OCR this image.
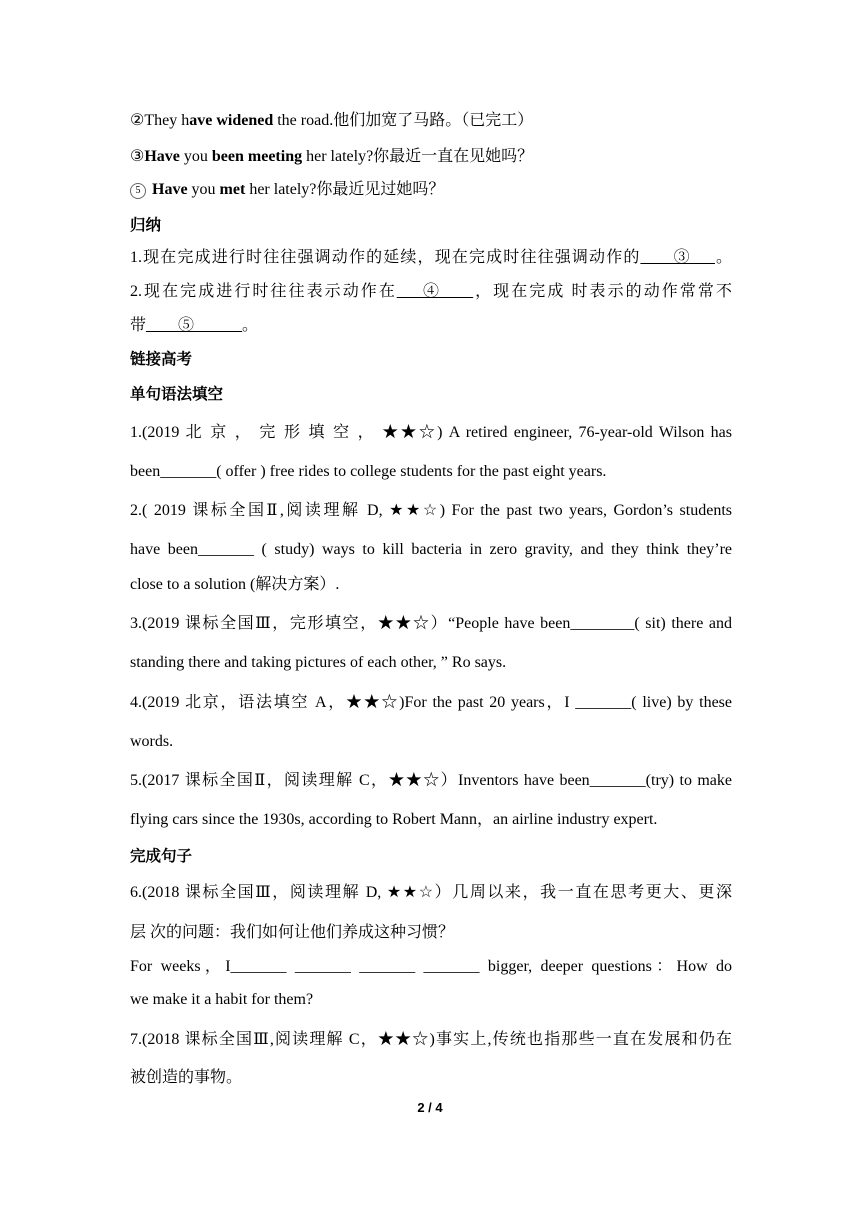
②They have widened the road.他们加宽了马路。（已完工）
③Have you been meeting her lately?你最近一直在见她吗？
5 Have you met her lately?你最近见过她吗？
归纳
1.现在完成进行时往往强调动作的延续，现在完成时往往强调动作的____③___。
2.现在完成进行时往往表示动作在___④____，现在完成 时表示的动作常常不
带____⑤______。
链接高考
单句语法填空
1.(2019 北 京 ， 完 形 填 空 ， ★★☆) A retired engineer, 76-year-old Wilson has
been_______( offer ) free rides to college students for the past eight years.
2.( 2019 课标全国Ⅱ,阅读理解 D, ★★☆) For the past two years, Gordon’s students
have been_______ ( study) ways to kill bacteria in zero gravity, and they think they’re
close to a solution (解决方案）.
3.(2019 课标全国Ⅲ，完形填空，★★☆）“People have been________( sit) there and
standing there and taking pictures of each other, ” Ro says.
4.(2019 北京，语法填空 A，★★☆)For the past 20 years，I _______( live) by these
words.
5.(2017 课标全国Ⅱ，阅读理解 C，★★☆）Inventors have been_______(try) to make
flying cars since the 1930s, according to Robert Mann，an airline industry expert.
完成句子
6.(2018 课标全国Ⅲ，阅读理解 D, ★★☆）几周以来，我一直在思考更大、更深
层 次的问题：我们如何让他们养成这种习惯？
For weeks，I_______ _______ _______ _______ bigger, deeper questions：How do
we make it a habit for them?
7.(2018 课标全国Ⅲ,阅读理解 C，★★☆)事实上,传统也指那些一直在发展和仍在
被创造的事物。
2 / 4
